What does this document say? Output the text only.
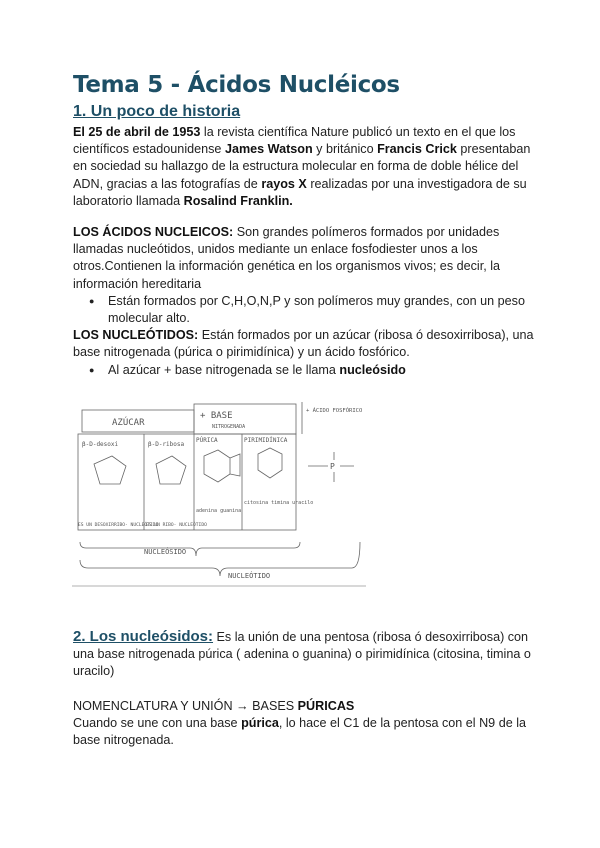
Tema 5 - Ácidos Nucléicos

1. Un poco de historia

El 25 de abril de 1953 la revista científica Nature publicó un texto en el que los científicos estadounidense James Watson y británico Francis Crick presentaban en sociedad su hallazgo de la estructura molecular en forma de doble hélice del ADN, gracias a las fotografías de rayos X realizadas por una investigadora de su laboratorio llamada Rosalind Franklin.

LOS ÁCIDOS NUCLEICOS: Son grandes polímeros formados por unidades llamadas nucleótidos, unidos mediante un enlace fosfodiester unos a los otros.Contienen la información genética en los organismos vivos; es decir, la información hereditaria

● Están formados por C,H,O,N,P y son polímeros muy grandes, con un peso molecular alto.

LOS NUCLEÓTIDOS: Están formados por un azúcar (ribosa ó desoxirribosa), una base nitrogenada (púrica o pirimidínica) y un ácido fosfórico.

● Al azúcar + base nitrogenada se le llama nucleósido
AZÚCAR
+ BASE
NITROGENADA
+ ÁCIDO FOSFÓRICO
β-D-desoxi	β-D-ribosa
PÚRICA	PIRIMIDÍNICA
adenina guanina
citosina timina uracilo
ES UN DESOXIRRIBO- NUCLEÓTIDO
ES UN RIBO- NUCLEÓTIDO
NUCLEÓSIDO
NUCLEÓTIDO
P

2. Los nucleósidos: Es la unión de una pentosa (ribosa ó desoxirribosa) con una base nitrogenada púrica ( adenina o guanina) o pirimidínica (citosina, timina o uracilo)

NOMENCLATURA Y UNIÓN → BASES PÚRICAS

Cuando se une con una base púrica, lo hace el C1 de la pentosa con el N9 de la base nitrogenada.
